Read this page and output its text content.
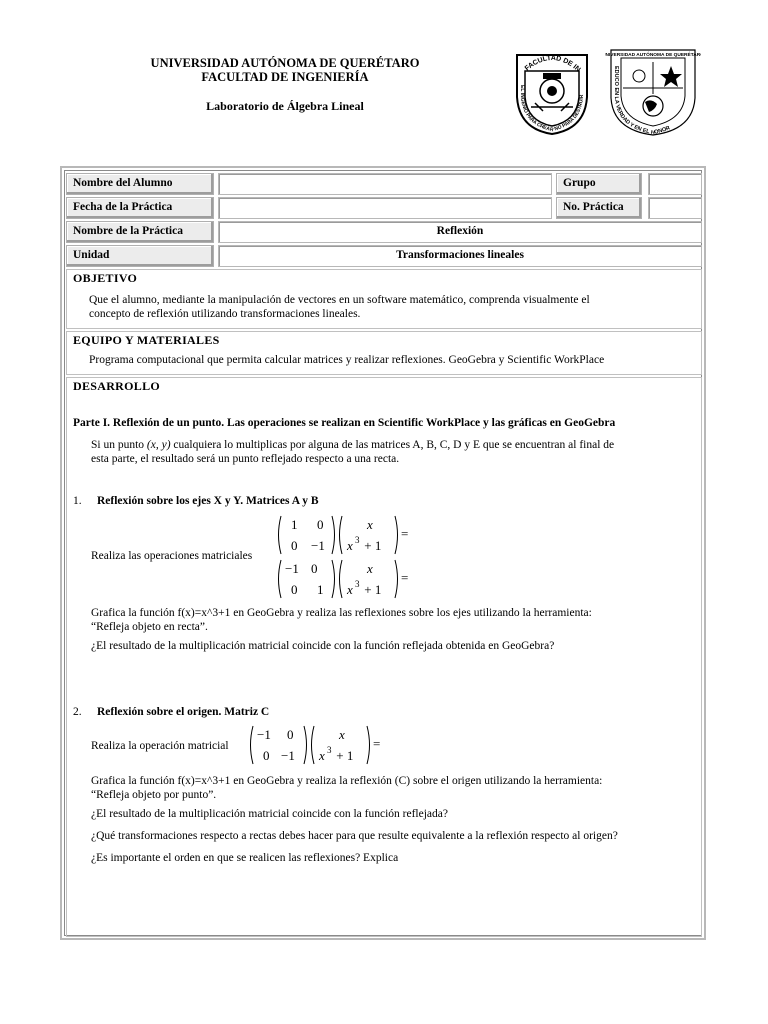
UNIVERSIDAD AUTÓNOMA DE QUERÉTARO
FACULTAD DE INGENIERÍA
Laboratorio de Álgebra Lineal
FACULTAD DE IN
EL INGENIO PARA CREAR NO PARA DESTRUIR
UNIVERSIDAD AUTÓNOMA DE QUERÉTARO
EDUCO EN LA VERDAD Y EN EL HONOR
Nombre del Alumno	Grupo
Fecha de la Práctica	No. Práctica
Nombre de la Práctica	Reflexión
Unidad	Transformaciones lineales
OBJETIVO
Que el alumno, mediante la manipulación de vectores en un software matemático, comprenda visualmente el
concepto de reflexión utilizando transformaciones lineales.
EQUIPO Y MATERIALES
Programa computacional que permita calcular matrices y realizar reflexiones. GeoGebra y Scientific WorkPlace
DESARROLLO
Parte I. Reflexión de un punto. Las operaciones se realizan en Scientific WorkPlace y las gráficas en GeoGebra
Si un punto (x, y) cualquiera lo multiplicas por alguna de las matrices A, B, C, D y E que se encuentran al final de
esta parte, el resultado será un punto reflejado respecto a una recta.
1. Reflexión sobre los ejes X y Y. Matrices A y B
Realiza las operaciones matriciales
1 0
0 −1
x
x 3 + 1
=
−1 0
0 1
x
x 3 + 1
=
Grafica la función f(x)=x^3+1 en GeoGebra y realiza las reflexiones sobre los ejes utilizando la herramienta:
“Refleja objeto en recta”.
¿El resultado de la multiplicación matricial coincide con la función reflejada obtenida en GeoGebra?
2. Reflexión sobre el origen. Matriz C
Realiza la operación matricial
−1 0
0 −1
x
x 3 + 1
=
Grafica la función f(x)=x^3+1 en GeoGebra y realiza la reflexión (C) sobre el origen utilizando la herramienta:
“Refleja objeto por punto”.
¿El resultado de la multiplicación matricial coincide con la función reflejada?
¿Qué transformaciones respecto a rectas debes hacer para que resulte equivalente a la reflexión respecto al origen?
¿Es importante el orden en que se realicen las reflexiones? Explica
